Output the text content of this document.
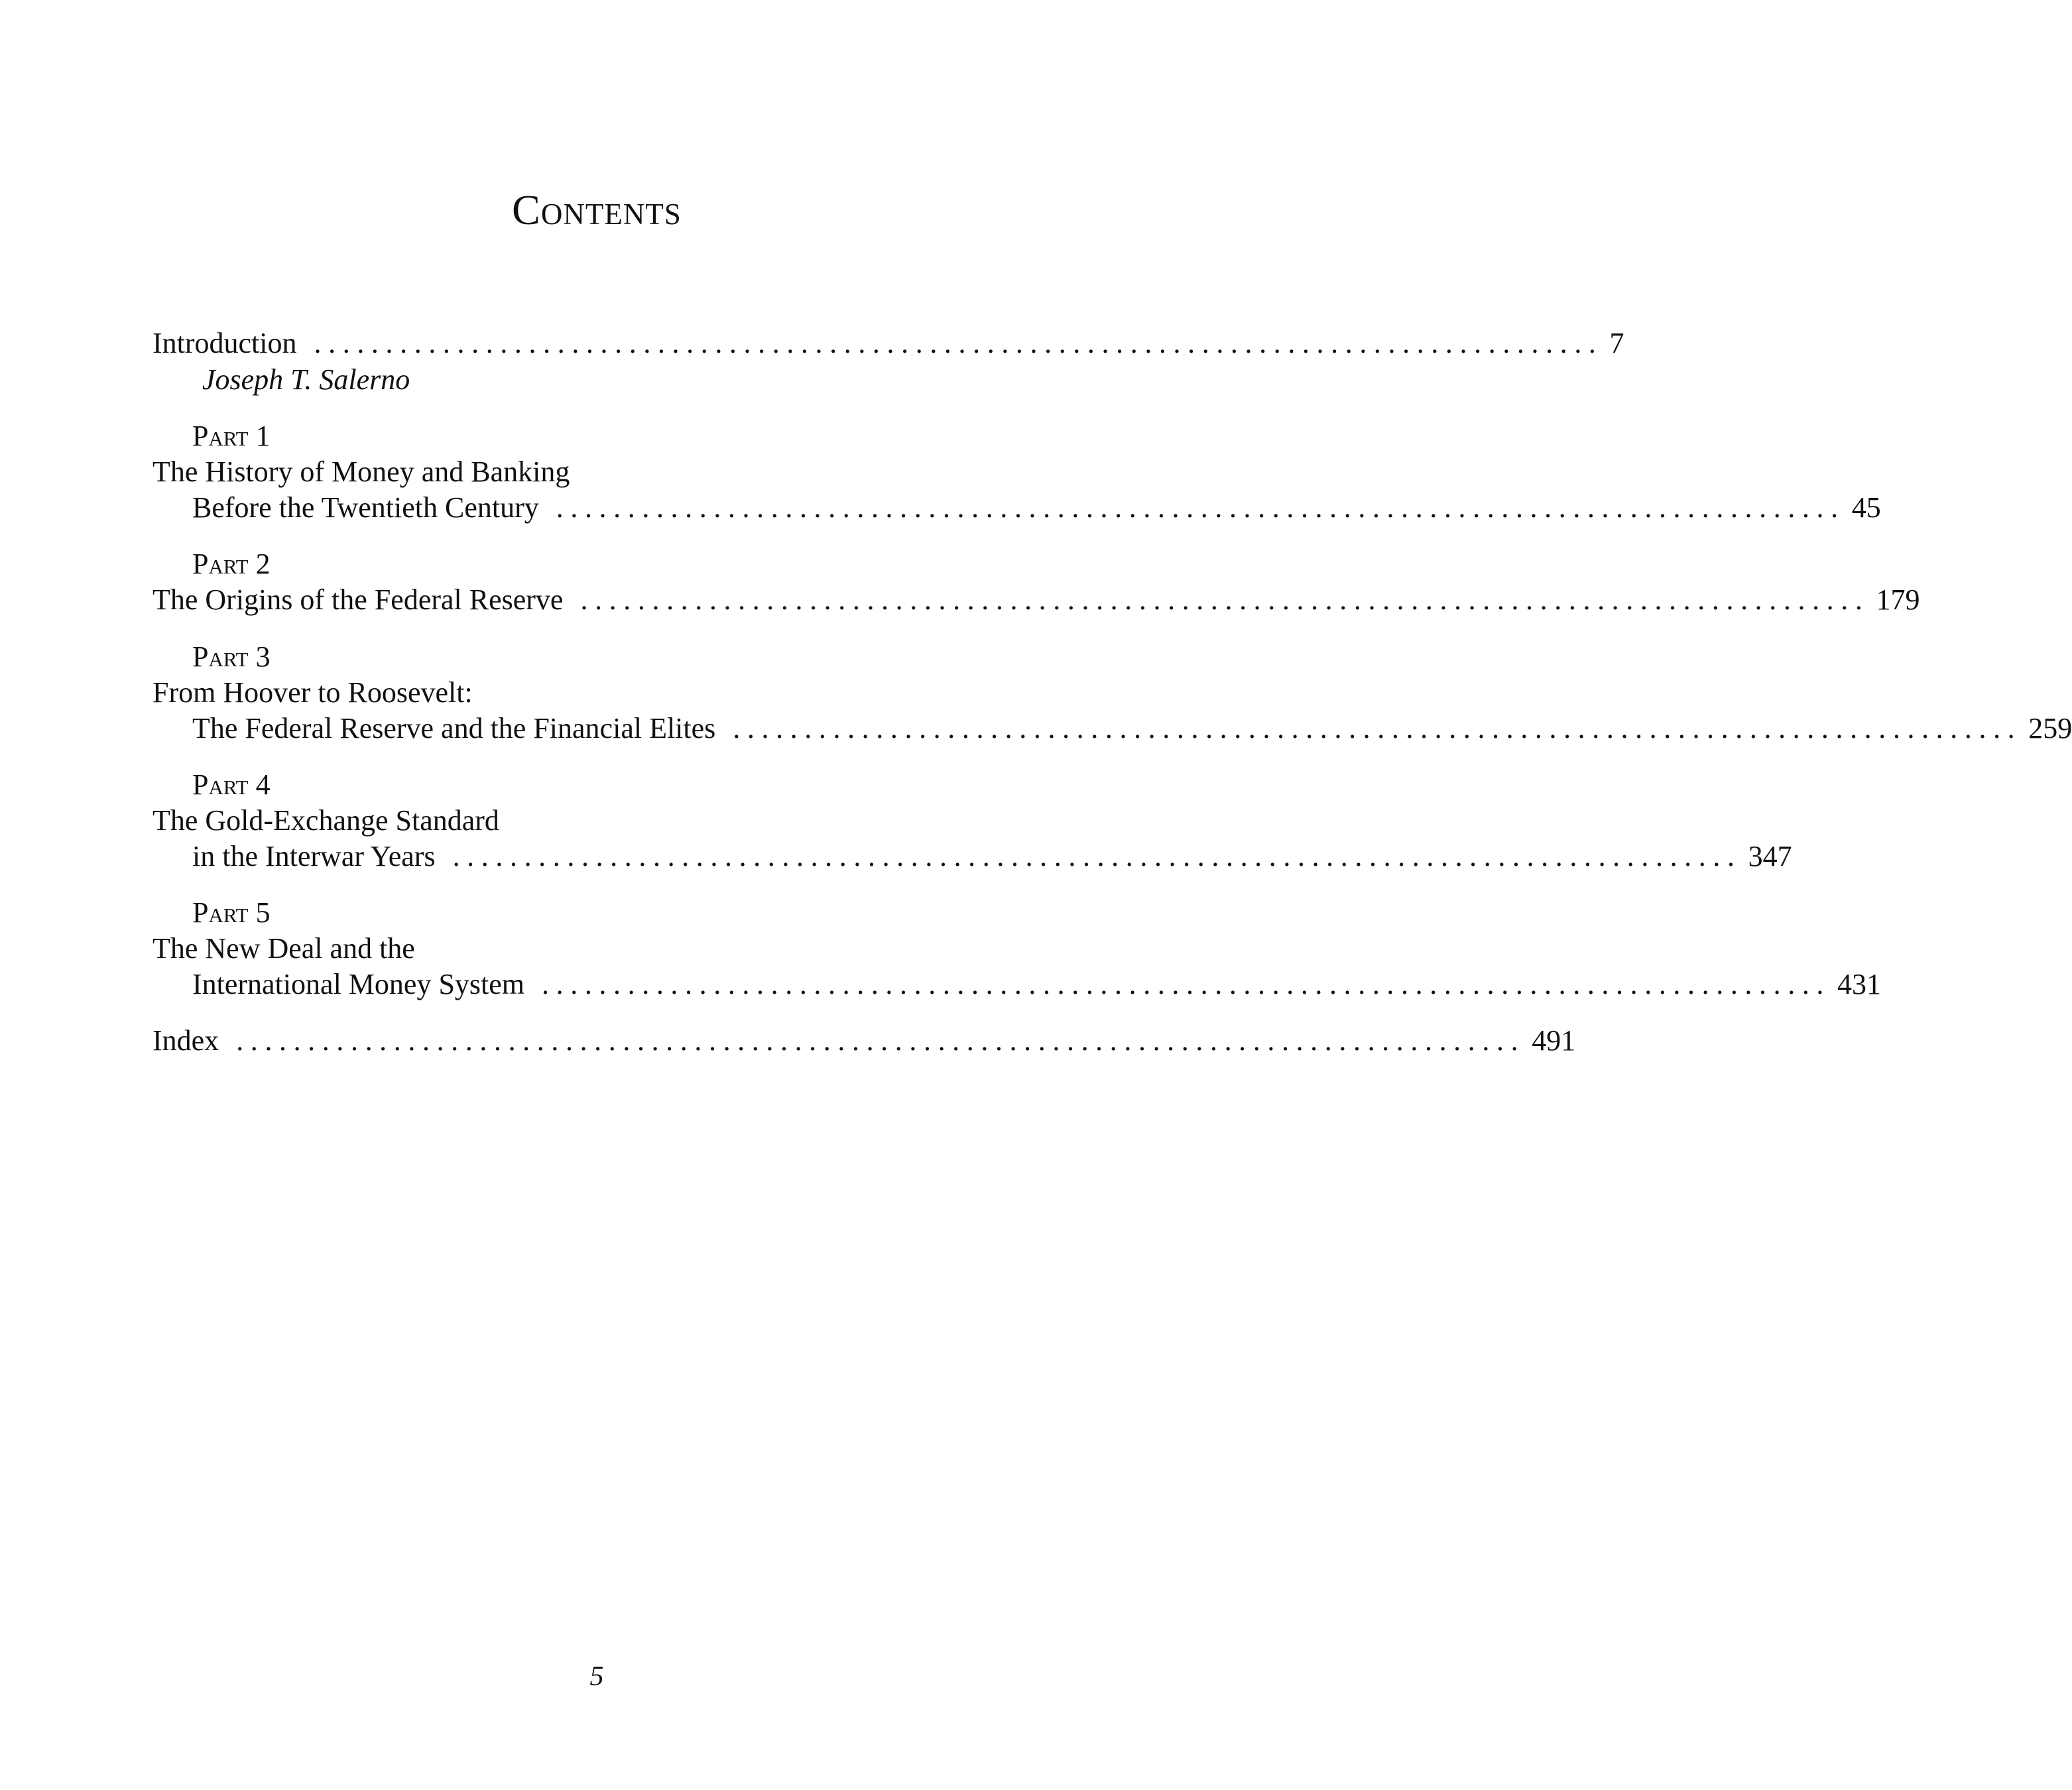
Contents
Introduction .......................................................................................... 7
Joseph T. Salerno
Part 1
The History of Money and Banking
Before the Twentieth Century .......................................................................................... 45
Part 2
The Origins of the Federal Reserve .......................................................................................... 179
Part 3
From Hoover to Roosevelt:
The Federal Reserve and the Financial Elites .......................................................................................... 259
Part 4
The Gold-Exchange Standard
in the Interwar Years .......................................................................................... 347
Part 5
The New Deal and the
International Money System .......................................................................................... 431
Index .......................................................................................... 491
5
